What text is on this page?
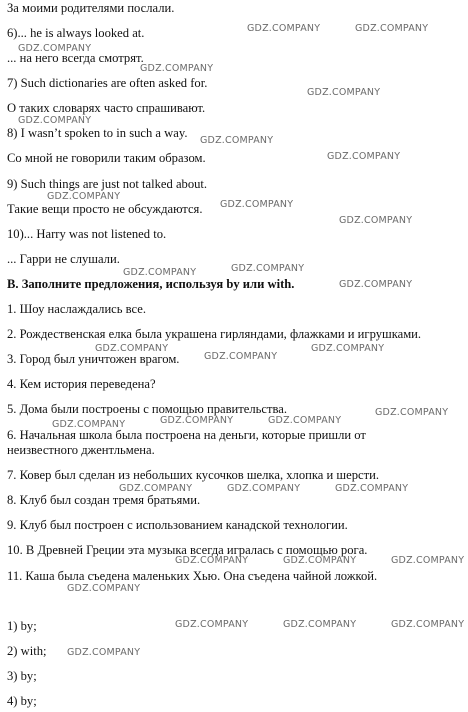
За моими родителями послали.
6)... he is always looked at.
... на него всегда смотрят.
7) Such dictionaries are often asked for.
О таких словарях часто спрашивают.
8) I wasn’t spoken to in such a way.
Со мной не говорили таким образом.
9) Such things are just not talked about.
Такие вещи просто не обсуждаются.
10)... Harry was not listened to.
... Гарри не слушали.
B. Заполните предложения, используя by или with.
1. Шоу наслаждались все.
2. Рождественская елка была украшена гирляндами, флажками и игрушками.
3. Город был уничтожен врагом.
4. Кем история переведена?
5. Дома были построены с помощью правительства.
6. Начальная школа была построена на деньги, которые пришли от
неизвестного джентльмена.
7. Ковер был сделан из небольших кусочков шелка, хлопка и шерсти.
8. Клуб был создан тремя братьями.
9. Клуб был построен с использованием канадской технологии.
10. В Древней Греции эта музыка всегда игралась с помощью рога.
11. Каша была съедена маленьких Хью. Она съедена чайной ложкой.
1) by;
2) with;
3) by;
4) by;
GDZ.COMPANY	GDZ.COMPANY
GDZ.COMPANY
GDZ.COMPANY
GDZ.COMPANY
GDZ.COMPANY
GDZ.COMPANY
GDZ.COMPANY
GDZ.COMPANY
GDZ.COMPANY
GDZ.COMPANY
GDZ.COMPANY	GDZ.COMPANY
GDZ.COMPANY
GDZ.COMPANY	GDZ.COMPANY
GDZ.COMPANY
GDZ.COMPANY
GDZ.COMPANY	GDZ.COMPANY	GDZ.COMPANY
GDZ.COMPANY	GDZ.COMPANY	GDZ.COMPANY
GDZ.COMPANY	GDZ.COMPANY	GDZ.COMPANY
GDZ.COMPANY
GDZ.COMPANY	GDZ.COMPANY	GDZ.COMPANY
GDZ.COMPANY
